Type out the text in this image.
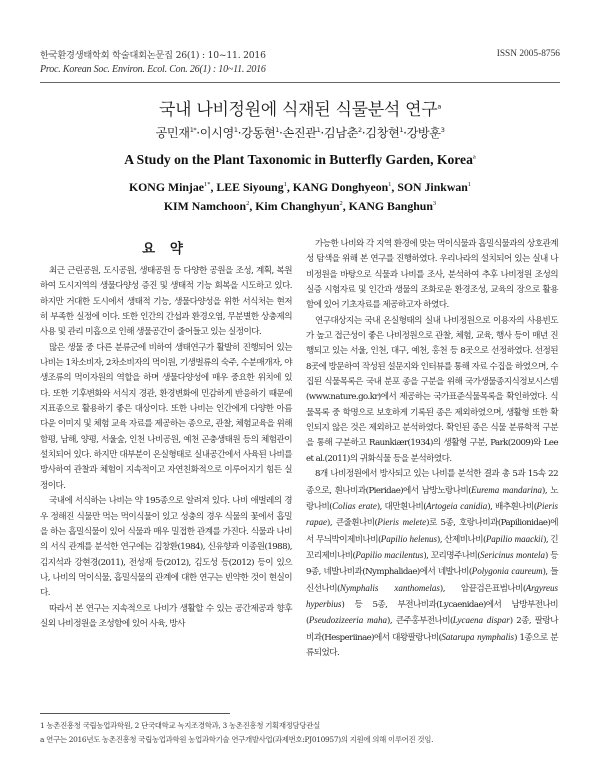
한국환경생태학회 학술대회논문집 26(1) : 10~11. 2016
Proc. Korean Soc. Environ. Ecol. Con. 26(1) : 10~11. 2016
ISSN 2005-8756
국내 나비정원에 식재된 식물분석 연구$^a$
공민재$^{1*}$·이시영$^1$·강동현$^1$·손진관$^1$·김남춘$^2$·김창현$^1$·강방훈$^3$
A Study on the Plant Taxonomic in Butterfly Garden, Korea$^a$
KONG Minjae$^{1*}$, LEE Siyoung$^1$, KANG Donghyeon$^1$, SON Jinkwan$^1$
KIM Namchoon$^2$, Kim Changhyun$^2$, KANG Banghun$^3$
요 약

최근 근린공원, 도시공원, 생태공원 등 다양한 공원을 조성, 계획, 복원하여 도시지역의 생물다양성 증진 및 생태적 기능 회복을 시도하고 있다. 하지만 거대한 도시에서 생태적 기능, 생물다양성을 위한 서식처는 현저히 부족한 실정에 이다. 또한 인간의 간섭과 환경오염, 무분별한 상충제의 사용 및 관리 미흡으로 인해 생물공간이 줄어들고 있는 실정이다.

많은 생물 중 다른 분류군에 비하여 생태연구가 활발히 진행되어 있는 나비는 1차소비자, 2차소비자의 먹이원, 기생벌류의 숙주, 수분매개자, 야생조류의 먹이자원의 역할을 하며 생물다양성에 매우 중요한 위치에 있다. 또한 기후변화와 서식지 경관, 환경변화에 민감하게 반응하기 때문에 지표종으로 활용하기 좋은 대상이다. 또한 나비는 인간에게 다양한 아름다운 이미지 및 체험 교육 자료를 제공하는 종으로, 관찰, 체험교육을 위해 함평, 남해, 양평, 서울숲, 인천 나비공원, 예천 곤충생태원 등의 체험관이 설치되어 있다. 하지만 대부분이 온실형태로 실내공간에서 사육된 나비를 방사하여 관찰과 체험이 지속적이고 자연친화적으로 이루어지기 힘든 실정이다.

국내에 서식하는 나비는 약 195종으로 알려져 있다. 나비 애벌레의 경우 정해진 식물만 먹는 먹이식물이 있고 성충의 경우 식물의 꽃에서 흡밀을 하는 흡밀식물이 있어 식물과 매우 밀접한 관계를 가진다. 식물과 나비의 서식 관계를 분석한 연구에는 김창환(1984), 신유향과 이종원(1988), 김지석과 강현경(2011), 전성재 등(2012), 김도성 등(2012) 등이 있으나, 나비의 먹이식물, 흡밀식물의 관계에 대한 연구는 빈약한 것이 현실이다.

따라서 본 연구는 지속적으로 나비가 생활할 수 있는 공간제공과 향후 실외 나비정원을 조성함에 있어 사육, 방사

가능한 나비와 각 지역 환경에 맞는 먹이식물과 흡밀식물과의 상호관계성 탐색을 위해 본 연구를 진행하였다. 우리나라의 설치되어 있는 실내 나비정원을 바탕으로 식물과 나비를 조사, 분석하여 추후 나비정원 조성의 실증 시험자료 및 인간과 생물의 조화로운 환경조성, 교육의 장으로 활용함에 있어 기초자료를 제공하고자 하였다.

연구대상지는 국내 온실형태의 실내 나비정원으로 이용자의 사용빈도가 높고 접근성이 좋은 나비정원으로 관찰, 체험, 교육, 행사 등이 매년 진행되고 있는 서울, 인천, 대구, 예천, 홍천 등 8곳으로 선정하였다. 선정된 8곳에 방문하여 작성된 설문지와 인터뷰를 통해 자료 수집을 하였으며, 수집된 식물목록은 국내 분포 종을 구분을 위해 국가생물종지식정보시스템(www.nature.go.kr)에서 제공하는 국가표준식물목록을 확인하였다. 식물목록 중 학명으로 보호하게 기록된 종은 제외하였으며, 생활형 또한 확인되지 않은 것은 제외하고 분석하였다. 확인된 종은 식물 분류학적 구분을 통해 구분하고 Raunkiær(1934)의 생활형 구분, Park(2009)와 Lee et al.(2011)의 귀화식물 등을 분석하였다.

8개 나비정원에서 방사되고 있는 나비를 분석한 결과 총 5과 15속 22종으로, 흰나비과(Pieridae)에서 남방노랑나비(Eurema mandarina), 노랑나비(Colias erate), 대만흰나비(Artogeia canidia), 배추흰나비(Pieris rapae), 큰줄흰나비(Pieris melete)로 5종, 호랑나비과(Papilionidae)에서 무늬박이제비나비(Papilio helenus), 산제비나비(Papilio maackii), 긴꼬리제비나비(Papilio macilentus), 꼬리명주나비(Sericinus montela) 등 9종, 네발나비과(Nymphalidae)에서 네발나비(Polygonia caureum), 들신선나비(Nymphalis xanthomelas), 암끝검은표범나비(Argyreus hyperbius) 등 5종, 부전나비과(Lycaenidae)에서 남방부전나비(Pseudozizeeria maha), 큰주홍부전나비(Lycaena dispar) 2종, 팔랑나비과(Hesperiinae)에서 대왕팔랑나비(Satarupa nymphalis) 1종으로 분류되었다.

1 농촌진흥청 국립농업과학원, 2 단국대학교 녹지조경학과, 3 농촌진흥청 기획재정담당관실
a 연구는 2016년도 농촌진흥청 국립농업과학원 농업과학기술 연구개발사업(과제번호:PJ010957)의 지원에 의해 이루어진 것임.
